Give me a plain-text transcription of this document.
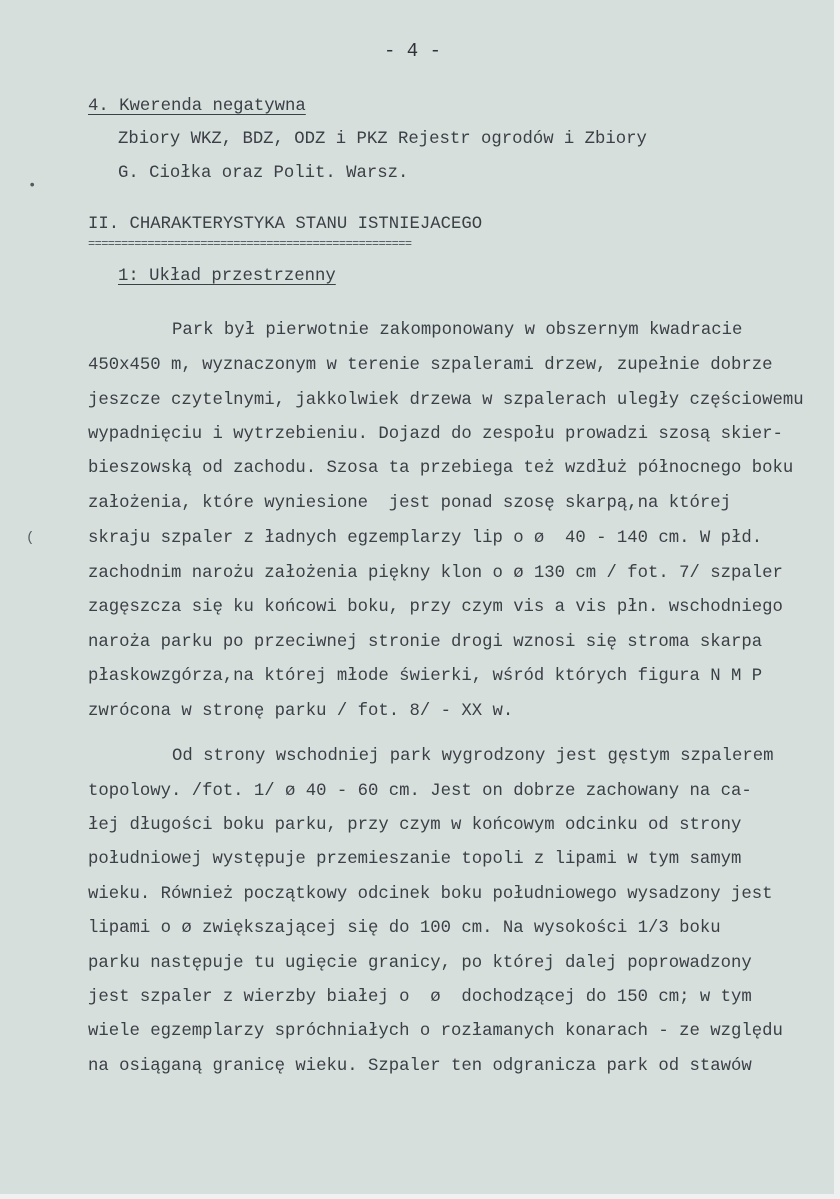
•
(
- 4 -
4. Kwerenda negatywna
Zbiory WKZ, BDZ, ODZ i PKZ Rejestr ogrodów i Zbiory
G. Ciołka oraz Polit. Warsz.
II. CHARAKTERYSTYKA STANU ISTNIEJACEGO
=================================================
1: Układ przestrzenny
Park był pierwotnie zakomponowany w obszernym kwadracie
450x450 m, wyznaczonym w terenie szpalerami drzew, zupełnie dobrze
jeszcze czytelnymi, jakkolwiek drzewa w szpalerach uległy częściowemu
wypadnięciu i wytrzebieniu. Dojazd do zespołu prowadzi szosą skier-
bieszowską od zachodu. Szosa ta przebiega też wzdłuż północnego boku
założenia, które wyniesione  jest ponad szosę skarpą,na której
skraju szpaler z ładnych egzemplarzy lip o ø  40 - 140 cm. W płd.
zachodnim narożu założenia piękny klon o ø 130 cm / fot. 7/ szpaler
zagęszcza się ku końcowi boku, przy czym vis a vis płn. wschodniego
naroża parku po przeciwnej stronie drogi wznosi się stroma skarpa
płaskowzgórza,na której młode świerki, wśród których figura N M P
zwrócona w stronę parku / fot. 8/ - XX w.
Od strony wschodniej park wygrodzony jest gęstym szpalerem
topolowy. /fot. 1/ ø 40 - 60 cm. Jest on dobrze zachowany na ca-
łej długości boku parku, przy czym w końcowym odcinku od strony
południowej występuje przemieszanie topoli z lipami w tym samym
wieku. Również początkowy odcinek boku południowego wysadzony jest
lipami o ø zwiększającej się do 100 cm. Na wysokości 1/3 boku
parku następuje tu ugięcie granicy, po której dalej poprowadzony
jest szpaler z wierzby białej o  ø  dochodzącej do 150 cm; w tym
wiele egzemplarzy spróchniałych o rozłamanych konarach - ze względu
na osiąganą granicę wieku. Szpaler ten odgranicza park od stawów
